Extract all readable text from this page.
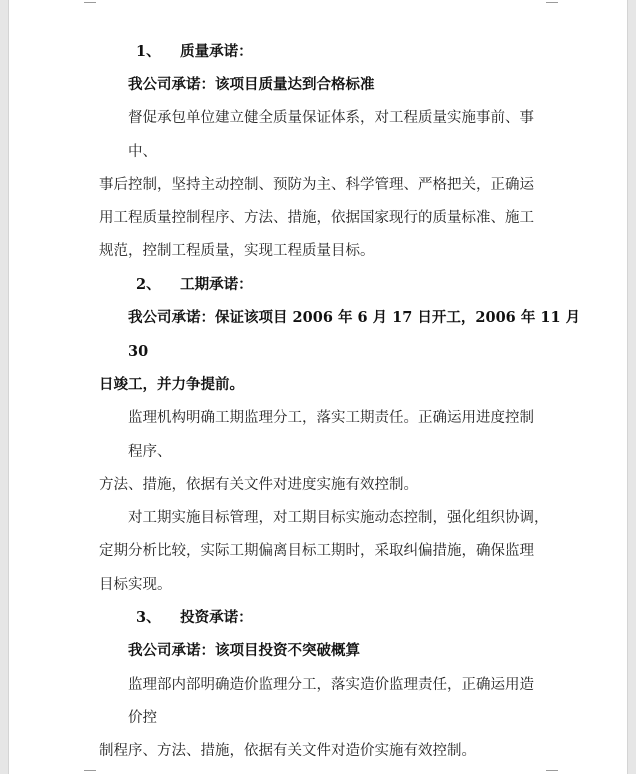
1、  质量承诺：
我公司承诺：该项目质量达到合格标准
督促承包单位建立健全质量保证体系，对工程质量实施事前、事
中、
事后控制，坚持主动控制、预防为主、科学管理、严格把关，正确运
用工程质量控制程序、方法、措施，依据国家现行的质量标准、施工
规范，控制工程质量，实现工程质量目标。
2、  工期承诺：
我公司承诺：保证该项目 2006 年 6 月 17 日开工，2006 年 11 月
30
日竣工，并力争提前。
监理机构明确工期监理分工，落实工期责任。正确运用进度控制
程序、
方法、措施，依据有关文件对进度实施有效控制。
对工期实施目标管理，对工期目标实施动态控制，强化组织协调，
定期分析比较，实际工期偏离目标工期时，采取纠偏措施，确保监理
目标实现。
3、  投资承诺：
我公司承诺：该项目投资不突破概算
监理部内部明确造价监理分工，落实造价监理责任，正确运用造
价控
制程序、方法、措施，依据有关文件对造价实施有效控制。
